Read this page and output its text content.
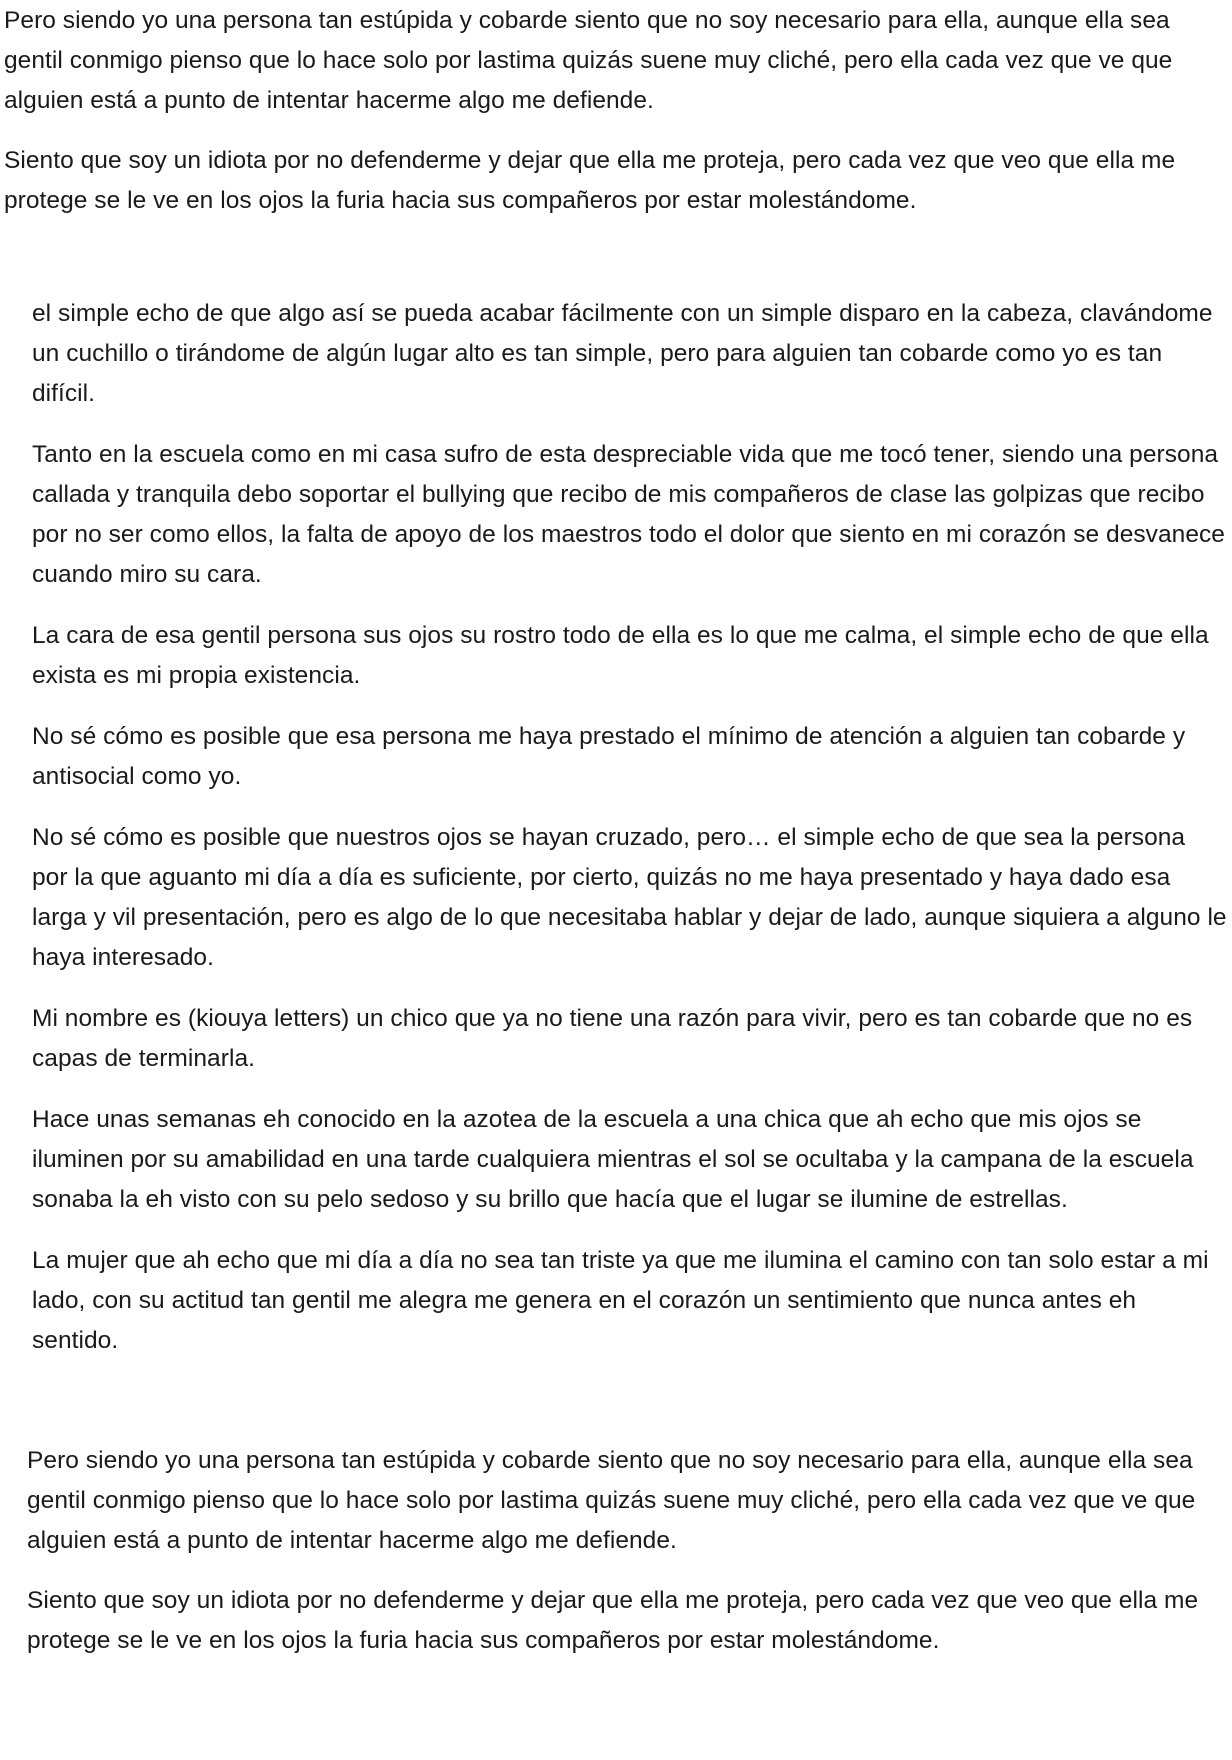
Pero siendo yo una persona tan estúpida y cobarde siento que no soy necesario para ella, aunque ella sea gentil conmigo pienso que lo hace solo por lastima quizás suene muy cliché, pero ella cada vez que ve que alguien está a punto de intentar hacerme algo me defiende.

Siento que soy un idiota por no defenderme y dejar que ella me proteja, pero cada vez que veo que ella me protege se le ve en los ojos la furia hacia sus compañeros por estar molestándome.

el simple echo de que algo así se pueda acabar fácilmente con un simple disparo en la cabeza, clavándome un cuchillo o tirándome de algún lugar alto es tan simple, pero para alguien tan cobarde como yo es tan difícil.

Tanto en la escuela como en mi casa sufro de esta despreciable vida que me tocó tener, siendo una persona callada y tranquila debo soportar el bullying que recibo de mis compañeros de clase las golpizas que recibo por no ser como ellos, la falta de apoyo de los maestros todo el dolor que siento en mi corazón se desvanece cuando miro su cara.

La cara de esa gentil persona sus ojos su rostro todo de ella es lo que me calma, el simple echo de que ella exista es mi propia existencia.

No sé cómo es posible que esa persona me haya prestado el mínimo de atención a alguien tan cobarde y antisocial como yo.

No sé cómo es posible que nuestros ojos se hayan cruzado, pero… el simple echo de que sea la persona por la que aguanto mi día a día es suficiente, por cierto, quizás no me haya presentado y haya dado esa larga y vil presentación, pero es algo de lo que necesitaba hablar y dejar de lado, aunque siquiera a alguno le haya interesado.

Mi nombre es (kiouya letters) un chico que ya no tiene una razón para vivir, pero es tan cobarde que no es capas de terminarla.

Hace unas semanas eh conocido en la azotea de la escuela a una chica que ah echo que mis ojos se iluminen por su amabilidad en una tarde cualquiera mientras el sol se ocultaba y la campana de la escuela sonaba la eh visto con su pelo sedoso y su brillo que hacía que el lugar se ilumine de estrellas.

La mujer que ah echo que mi día a día no sea tan triste ya que me ilumina el camino con tan solo estar a mi lado, con su actitud tan gentil me alegra me genera en el corazón un sentimiento que nunca antes eh sentido.

Pero siendo yo una persona tan estúpida y cobarde siento que no soy necesario para ella, aunque ella sea gentil conmigo pienso que lo hace solo por lastima quizás suene muy cliché, pero ella cada vez que ve que alguien está a punto de intentar hacerme algo me defiende.

Siento que soy un idiota por no defenderme y dejar que ella me proteja, pero cada vez que veo que ella me protege se le ve en los ojos la furia hacia sus compañeros por estar molestándome.
